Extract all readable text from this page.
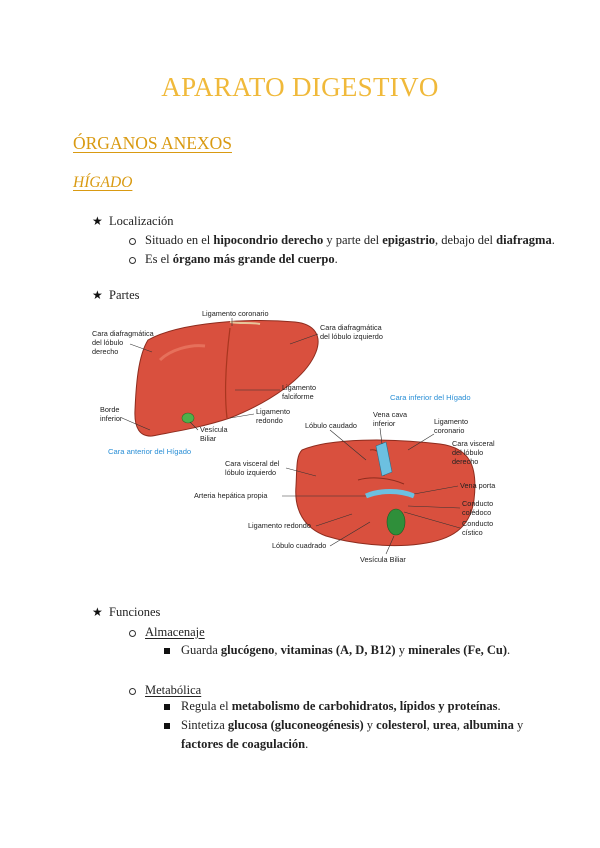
APARATO DIGESTIVO
ÓRGANOS ANEXOS
HÍGADO
★ Localización
Situado en el hipocondrio derecho y parte del epigastrio, debajo del diafragma.
Es el órgano más grande del cuerpo.
★ Partes
Ligamento coronario
Cara diafragmática
del lóbulo
derecho
Cara diafragmática
del lóbulo izquierdo
Ligamento
falciforme
Borde
inferior
Ligamento
redondo
Vesícula
Biliar
Cara anterior del Hígado
Cara inferior del Hígado
Lóbulo caudado
Vena cava
inferior	Ligamento
coronario
Cara visceral
del lóbulo
derecho
Cara visceral del
lóbulo izquierdo
Vena porta
Arteria hepática propia
Conducto
colédoco
Conducto
cístico
Ligamento redondo
Lóbulo cuadrado
Vesícula Biliar
★ Funciones
Almacenaje
Guarda glucógeno, vitaminas (A, D, B12) y minerales (Fe, Cu).
Metabólica
Regula el metabolismo de carbohidratos, lípidos y proteínas.
Sintetiza glucosa (gluconeogénesis) y colesterol, urea, albumina y
factores de coagulación.
